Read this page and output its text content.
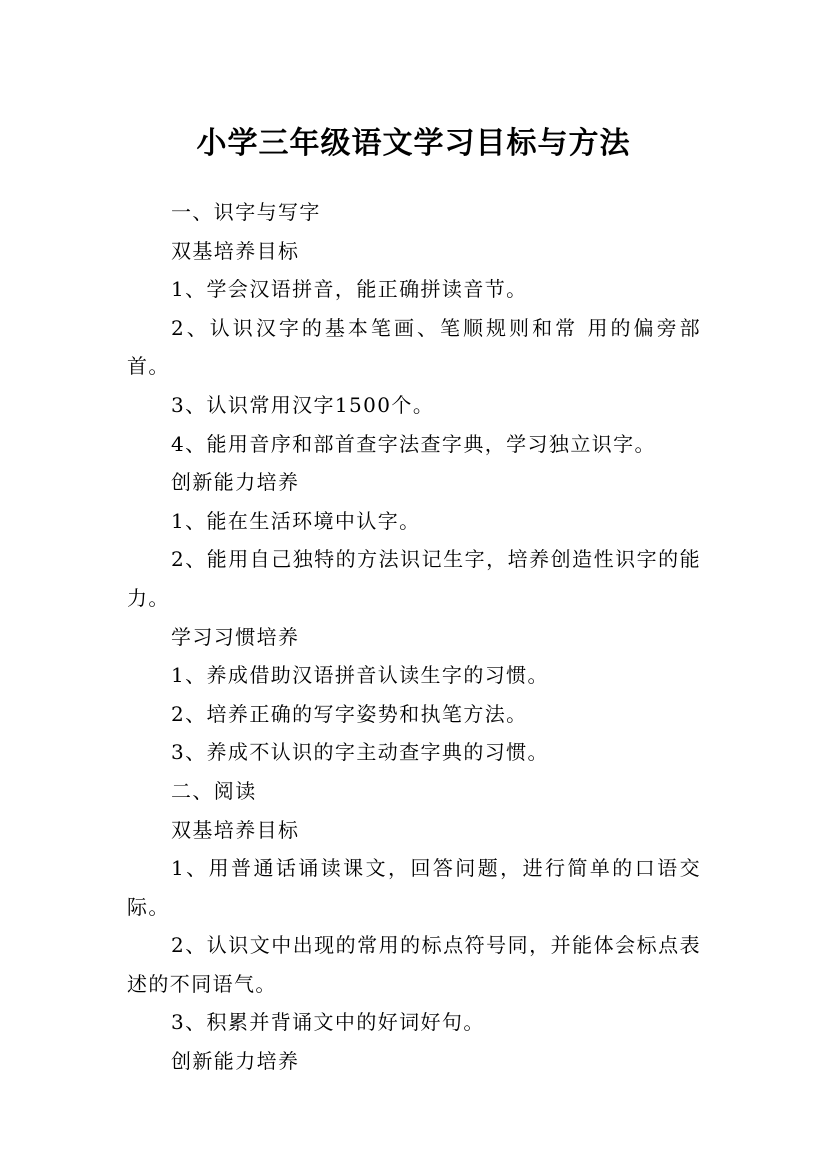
小学三年级语文学习目标与方法

一、识字与写字

双基培养目标

1、学会汉语拼音，能正确拼读音节。

2、认识汉字的基本笔画、笔顺规则和常 用的偏旁部首。

3、认识常用汉字1500个。

4、能用音序和部首查字法查字典，学习独立识字。

创新能力培养

1、能在生活环境中认字。

2、能用自己独特的方法识记生字，培养创造性识字的能力。

学习习惯培养

1、养成借助汉语拼音认读生字的习惯。

2、培养正确的写字姿势和执笔方法。

3、养成不认识的字主动查字典的习惯。

二、阅读

双基培养目标

1、用普通话诵读课文，回答问题，进行简单的口语交际。

2、认识文中出现的常用的标点符号同，并能体会标点表述的不同语气。

3、积累并背诵文中的好词好句。

创新能力培养
